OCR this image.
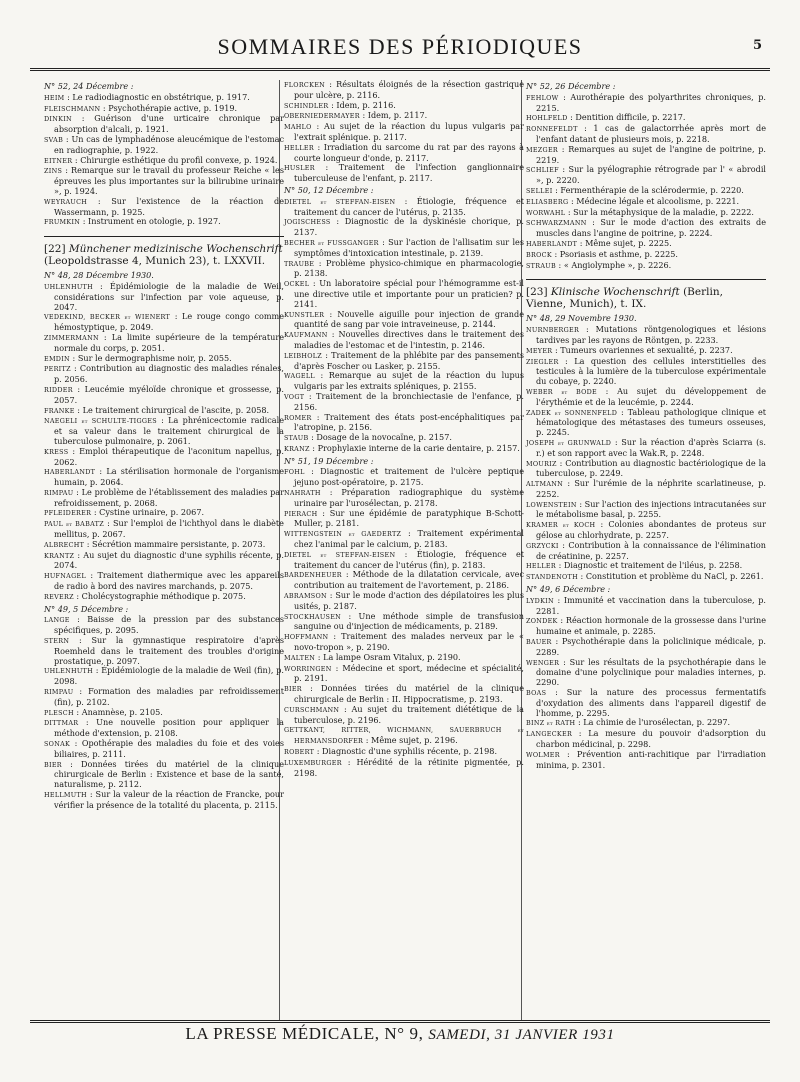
SOMMAIRES DES PÉRIODIQUES	5
N° 52, 24 Décembre :

HEIM : Le radiodiagnostic en obstétrique, p. 1917.

FLEISCHMANN : Psychothérapie active, p. 1919.

DINKIN : Guérison d'une urticaire chronique par absorption d'alcali, p. 1921.

SVAB : Un cas de lymphadénose aleucémique de l'estomac en radiographie, p. 1922.

EITNER : Chirurgie esthétique du profil convexe, p. 1924.

ZINS : Remarque sur le travail du professeur Reiche « les épreuves les plus importantes sur la bilirubine urinaire », p. 1924.

WEYRAUCH : Sur l'existence de la réaction de Wassermann, p. 1925.

FRUMKIN : Instrument en otologie, p. 1927.

[22] Münchener medizinische Wochenschrift (Leopoldstrasse 4, Munich 23), t. LXXVII.
N° 48, 28 Décembre 1930.

UHLENHUTH : Épidémiologie de la maladie de Weil, considérations sur l'infection par voie aqueuse, p. 2047.

VEDEKIND, BECKER et WIENERT : Le rouge congo comme hémostyptique, p. 2049.

ZIMMERMANN : La limite supérieure de la température normale du corps, p. 2051.

EMDIN : Sur le dermographisme noir, p. 2055.

PERITZ : Contribution au diagnostic des maladies rénales, p. 2056.

RIDDER : Leucémie myéloïde chronique et grossesse, p. 2057.

FRANKE : Le traitement chirurgical de l'ascite, p. 2058.

NAEGELI et SCHULTE-TIGGES : La phrénicectomie radicale et sa valeur dans le traitement chirurgical de la tuberculose pulmonaire, p. 2061.

KRESS : Emploi thérapeutique de l'aconitum napellus, p. 2062.

HABERLANDT : La stérilisation hormonale de l'organisme humain, p. 2064.

RIMPAU : Le problème de l'établissement des maladies par refroidissement, p. 2068.

PFLEIDERER : Cystine urinaire, p. 2067.

PAUL et BABATZ : Sur l'emploi de l'ichthyol dans le diabète mellitus, p. 2067.

ALBRECHT : Sécrétion mammaire persistante, p. 2073.

KRANTZ : Au sujet du diagnostic d'une syphilis récente, p. 2074.

HUFNAGEL : Traitement diathermique avec les appareils de radio à bord des navires marchands, p. 2075.

REVERZ : Cholécystographie méthodique p. 2075.

N° 49, 5 Décembre :

LANGE : Baisse de la pression par des substances spécifiques, p. 2095.

STERN : Sur la gymnastique respiratoire d'après Roemheld dans le traitement des troubles d'origine prostatique, p. 2097.

UHLENHUTH : Épidémiologie de la maladie de Weil (fin), p. 2098.

RIMPAU : Formation des maladies par refroidissement (fin), p. 2102.

PLESCH : Anamnèse, p. 2105.

DITTMAR : Une nouvelle position pour appliquer la méthode d'extension, p. 2108.

SONAK : Opothérapie des maladies du foie et des voies biliaires, p. 2111.

BIER : Données tirées du matériel de la clinique chirurgicale de Berlin : Existence et base de la santé, naturalisme, p. 2112.

HELLMUTH : Sur la valeur de la réaction de Francke, pour vérifier la présence de la totalité du placenta, p. 2115.

FLORCKEN : Résultats éloignés de la résection gastrique pour ulcère, p. 2116.

SCHINDLER : Idem, p. 2116.

OBERNIEDERMAYER : Idem, p. 2117.

MAHLO : Au sujet de la réaction du lupus vulgaris par l'extrait splénique. p. 2117.

HELLER : Irradiation du sarcome du rat par des rayons à courte longueur d'onde, p. 2117.

HUSLER : Traitement de l'infection ganglionnaire tuberculeuse de l'enfant, p. 2117.

N° 50, 12 Décembre :

DIETEL et STEFFAN-EISEN : Étiologie, fréquence et traitement du cancer de l'utérus, p. 2135.

JOGISCHESS : Diagnostic de la dyskinésie chorique, p. 2137.

BECHER et FUSSGANGER : Sur l'action de l'allisatim sur les symptômes d'intoxication intestinale, p. 2139.

TRAUBE : Problème physico-chimique en pharmacologie, p. 2138.

OCKEL : Un laboratoire spécial pour l'hémogramme est-il une directive utile et importante pour un praticien? p. 2141.

KUNSTLER : Nouvelle aiguille pour injection de grande quantité de sang par voie intraveineuse, p. 2144.

KAUFMANN : Nouvelles directives dans le traitement des maladies de l'estomac et de l'intestin, p. 2146.

LEIBHOLZ : Traitement de la phlébite par des pansements d'après Foscher ou Lasker, p. 2155.

WAGELL : Remarque au sujet de la réaction du lupus vulgaris par les extraits spléniques, p. 2155.

VOGT : Traitement de la bronchiectasie de l'enfance, p. 2156.

ROMER : Traitement des états post-encéphalitiques par l'atropine, p. 2156.

STAUB : Dosage de la novocaïne, p. 2157.

KRANZ : Prophylaxie interne de la carie dentaire, p. 2157.

N° 51, 19 Décembre :

FOHL : Diagnostic et traitement de l'ulcère peptique jejuno post-opératoire, p. 2175.

NAHRATH : Préparation radiographique du système urinaire par l'urosélectan, p. 2178.

PIERACH : Sur une épidémie de paratyphique B-Schott-Muller, p. 2181.

WITTENGSTEIN et GAEDERTZ : Traitement expérimental chez l'animal par le calcium, p. 2183.

DIETEL et STEFFAN-EISEN : Étiologie, fréquence et traitement du cancer de l'utérus (fin), p. 2183.

BARDENHEUER : Méthode de la dilatation cervicale, avec contribution au traitement de l'avortement, p. 2186.

ABRAMSON : Sur le mode d'action des dépilatoires les plus usités, p. 2187.

STOCKHAUSEN : Une méthode simple de transfusion sanguine ou d'injection de médicaments, p. 2189.

HOFFMANN : Traitement des malades nerveux par le « novo-tropon », p. 2190.

MALTEN : La lampe Osram Vitalux, p. 2190.

WORRINGEN : Médecine et sport, médecine et spécialité, p. 2191.

BIER : Données tirées du matériel de la clinique chirurgicale de Berlin : II. Hippocratisme, p. 2193.

CURSCHMANN : Au sujet du traitement diététique de la tuberculose, p. 2196.

GETTKANT, RITTER, WICHMANN, SAUERBRUCH et HERMANSDORFER : Même sujet, p. 2196.

ROBERT : Diagnostic d'une syphilis récente, p. 2198.

LUXEMBURGER : Hérédité de la rétinite pigmentée, p. 2198.

N° 52, 26 Décembre :

FEHLOW : Aurothérapie des polyarthrites chroniques, p. 2215.

HOHLFELD : Dentition difficile, p. 2217.

RONNEFELDT : 1 cas de galactorrhée après mort de l'enfant datant de plusieurs mois, p. 2218.

MEZGER : Remarques au sujet de l'angine de poitrine, p. 2219.

SCHLIEF : Sur la pyélographie rétrograde par l' « abrodil », p. 2220.

SELLEI : Fermenthérapie de la sclérodermie, p. 2220.

ELIASBERG : Médecine légale et alcoolisme, p. 2221.

WORWAHL : Sur la métaphysique de la maladie, p. 2222.

SCHWARZMANN : Sur le mode d'action des extraits de muscles dans l'angine de poitrine, p. 2224.

HABERLANDT : Même sujet, p. 2225.

BROCK : Psoriasis et asthme, p. 2225.

STRAUB : « Angiolymphe », p. 2226.

[23] Klinische Wochenschrift (Berlin, Vienne, Munich), t. IX.
N° 48, 29 Novembre 1930.

NURNBERGER : Mutations röntgenologiques et lésions tardives par les rayons de Röntgen, p. 2233.

MEYER : Tumeurs ovariennes et sexualité, p. 2237.

ZIEGLER : La question des cellules interstitielles des testicules à la lumière de la tuberculose expérimentale du cobaye, p. 2240.

WEBER et BODE : Au sujet du développement de l'érythémie et de la leucémie, p. 2244.

ZADEK et SONNENFELD : Tableau pathologique clinique et hématologique des métastases des tumeurs osseuses, p. 2245.

JOSEPH et GRUNWALD : Sur la réaction d'après Sciarra (s. r.) et son rapport avec la Wak.R, p. 2248.

MOURIZ : Contribution au diagnostic bactériologique de la tuberculose, p. 2249.

ALTMANN : Sur l'urémie de la néphrite scarlatineuse, p. 2252.

LOWENSTEIN : Sur l'action des injections intracutanées sur le métabolisme basal, p. 2255.

KRAMER et KOCH : Colonies abondantes de proteus sur gélose au chlorhydrate, p. 2257.

GRZYCKI : Contribution à la connaissance de l'élimination de créatinine, p. 2257.

HELLER : Diagnostic et traitement de l'iléus, p. 2258.

STANDENOTH : Constitution et problème du NaCl, p. 2261.

N° 49, 6 Décembre :

LYDKIN : Immunité et vaccination dans la tuberculose, p. 2281.

ZONDEK : Réaction hormonale de la grossesse dans l'urine humaine et animale, p. 2285.

BAUER : Psychothérapie dans la policlinique médicale, p. 2289.

WENGER : Sur les résultats de la psychothérapie dans le domaine d'une polyclinique pour maladies internes, p. 2290.

BOAS : Sur la nature des processus fermentatifs d'oxydation des aliments dans l'appareil digestif de l'homme, p. 2295.

BINZ et RATH : La chimie de l'urosélectan, p. 2297.

LANGECKER : La mesure du pouvoir d'adsorption du charbon médicinal, p. 2298.

WOLMER : Prévention anti-rachitique par l'irradiation minima, p. 2301.

LA PRESSE MÉDICALE, N° 9, SAMEDI, 31 JANVIER 1931
